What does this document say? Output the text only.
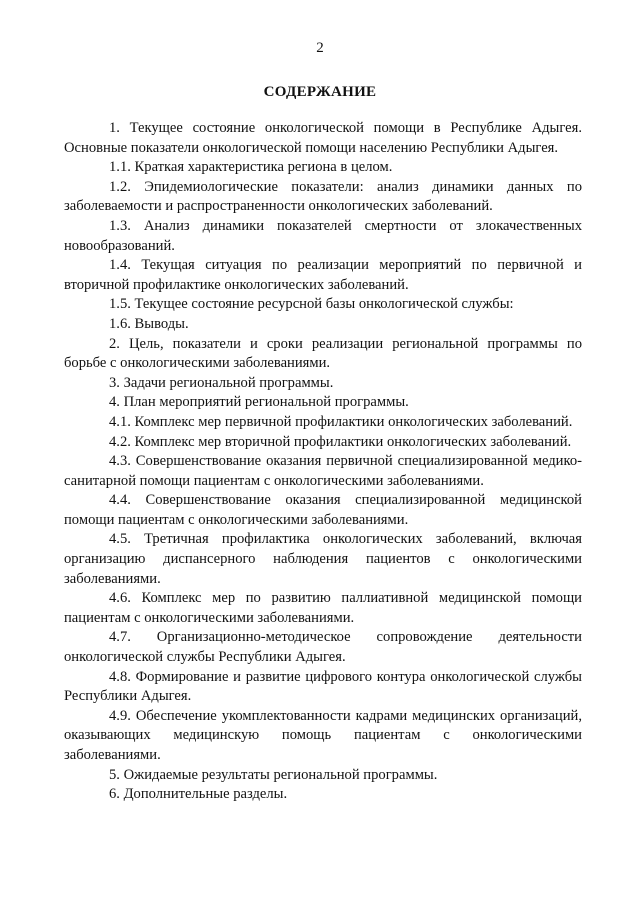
2
СОДЕРЖАНИЕ

1. Текущее состояние онкологической помощи в Республике Адыгея. Основные показатели онкологической помощи населению Республики Адыгея.

1.1. Краткая характеристика региона в целом.

1.2. Эпидемиологические показатели: анализ динамики данных по заболеваемости и распространенности онкологических заболеваний.

1.3. Анализ динамики показателей смертности от злокачественных новообразований.

1.4. Текущая ситуация по реализации мероприятий по первичной и вторичной профилактике онкологических заболеваний.

1.5. Текущее состояние ресурсной базы онкологической службы:

1.6. Выводы.

2. Цель, показатели и сроки реализации региональной программы по борьбе с онкологическими заболеваниями.

3. Задачи региональной программы.

4. План мероприятий региональной программы.

4.1. Комплекс мер первичной профилактики онкологических заболеваний.

4.2. Комплекс мер вторичной профилактики онкологических заболеваний.

4.3. Совершенствование оказания первичной специализированной медико-санитарной помощи пациентам с онкологическими заболеваниями.

4.4. Совершенствование оказания специализированной медицинской помощи пациентам с онкологическими заболеваниями.

4.5. Третичная профилактика онкологических заболеваний, включая организацию диспансерного наблюдения пациентов с онкологическими заболеваниями.

4.6. Комплекс мер по развитию паллиативной медицинской помощи пациентам с онкологическими заболеваниями.

4.7. Организационно-методическое сопровождение деятельности онкологической службы Республики Адыгея.

4.8. Формирование и развитие цифрового контура онкологической службы Республики Адыгея.

4.9. Обеспечение укомплектованности кадрами медицинских организаций, оказывающих медицинскую помощь пациентам с онкологическими заболеваниями.

5. Ожидаемые результаты региональной программы.

6. Дополнительные разделы.
